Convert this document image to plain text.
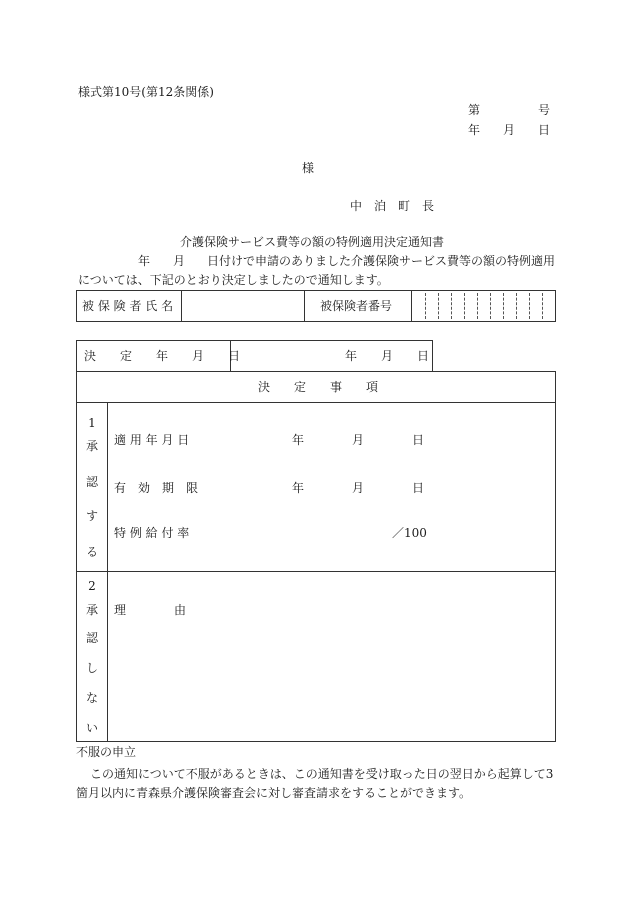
様式第10号(第12条関係)
第	号
年 月 日
様
中　泊　町　長
介護保険サービス費等の額の特例適用決定通知書
年 月 日付けで申請のありました介護保険サービス費等の額の特例適用
については、下記のとおり決定しましたので通知します。
被 保 険 者 氏 名	被保険者番号
決　　定　　年　　月　　日	年 月 日
決　　定　　事　　項
1
承
認
す
る
適 用 年 月 日	年	月	日
有　効　期　限	年	月	日
特 例 給 付 率	／100
2
承
認
し
な
い
理　　　　由
不服の申立
この通知について不服があるときは、この通知書を受け取った日の翌日から起算して3
箇月以内に青森県介護保険審査会に対し審査請求をすることができます。
